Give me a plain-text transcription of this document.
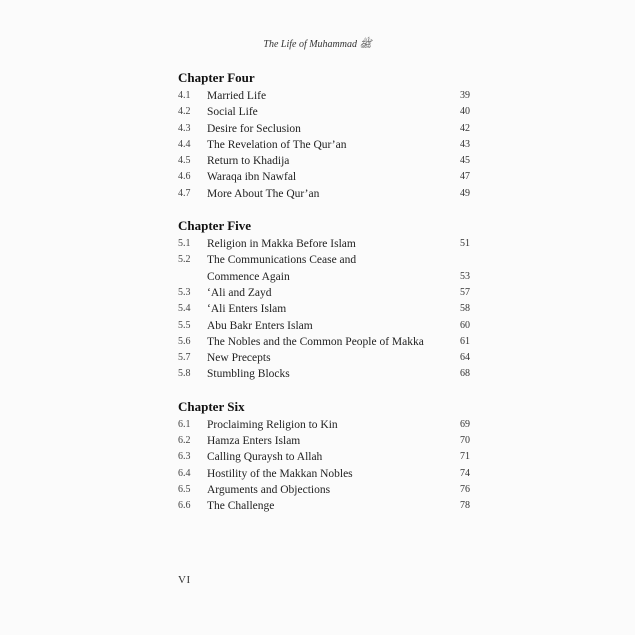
The Life of Muhammad ﷺ
Chapter Four
4.1	Married Life	39
4.2	Social Life	40
4.3	Desire for Seclusion	42
4.4	The Revelation of The Qur’an	43
4.5	Return to Khadija	45
4.6	Waraqa ibn Nawfal	47
4.7	More About The Qur’an	49
Chapter Five
5.1	Religion in Makka Before Islam	51
5.2	The Communications Cease and
Commence Again	53
5.3	‘Ali and Zayd	57
5.4	‘Ali Enters Islam	58
5.5	Abu Bakr Enters Islam	60
5.6	The Nobles and the Common People of Makka	61
5.7	New Precepts	64
5.8	Stumbling Blocks	68
Chapter Six
6.1	Proclaiming Religion to Kin	69
6.2	Hamza Enters Islam	70
6.3	Calling Quraysh to Allah	71
6.4	Hostility of the Makkan Nobles	74
6.5	Arguments and Objections	76
6.6	The Challenge	78
VI
